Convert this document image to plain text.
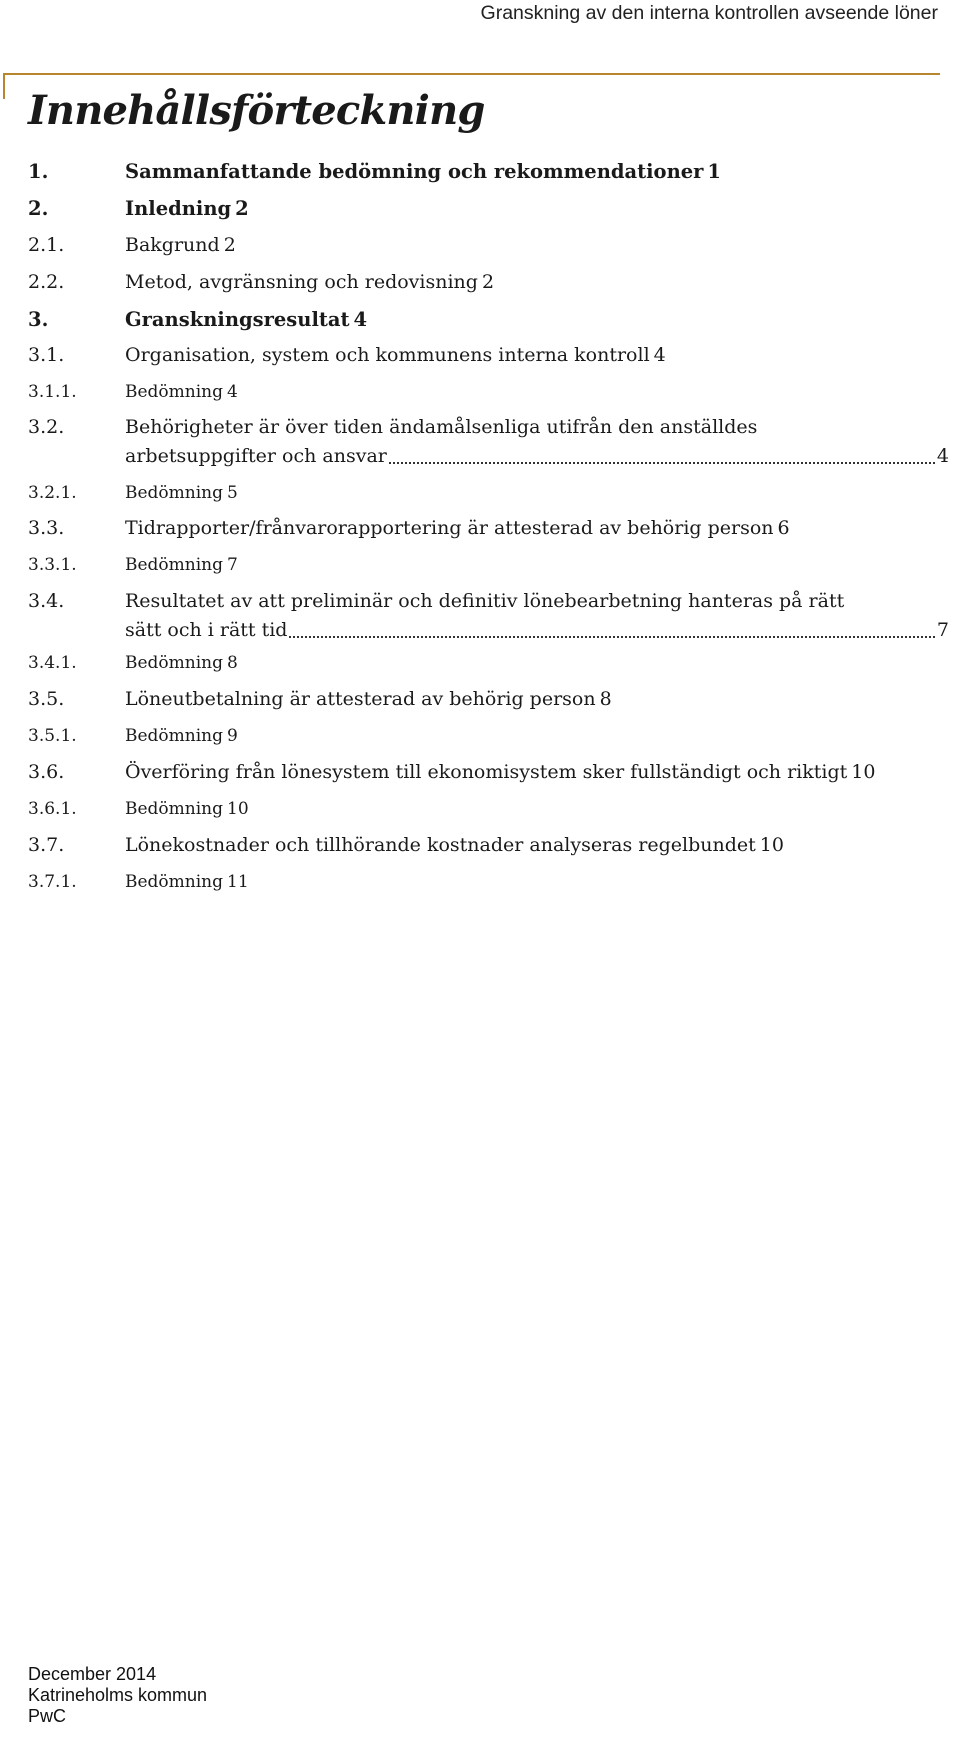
Granskning av den interna kontrollen avseende löner
Innehållsförteckning
1.	Sammanfattande bedömning och rekommendationer 1
2.	Inledning 2
2.1.	Bakgrund 2
2.2.	Metod, avgränsning och redovisning 2
3.	Granskningsresultat 4
3.1.	Organisation, system och kommunens interna kontroll 4
3.1.1.	Bedömning 4
3.2.	Behörigheter är över tiden ändamålsenliga utifrån den anställdes
arbetsuppgifter och ansvar	4
3.2.1.	Bedömning 5
3.3.	Tidrapporter/frånvarorapportering är attesterad av behörig person 6
3.3.1.	Bedömning 7
3.4.	Resultatet av att preliminär och definitiv lönebearbetning hanteras på rätt
sätt och i rätt tid	7
3.4.1.	Bedömning 8
3.5.	Löneutbetalning är attesterad av behörig person 8
3.5.1.	Bedömning 9
3.6.	Överföring från lönesystem till ekonomisystem sker fullständigt och riktigt 10
3.6.1.	Bedömning 10
3.7.	Lönekostnader och tillhörande kostnader analyseras regelbundet 10
3.7.1.	Bedömning 11
December 2014
Katrineholms kommun
PwC
